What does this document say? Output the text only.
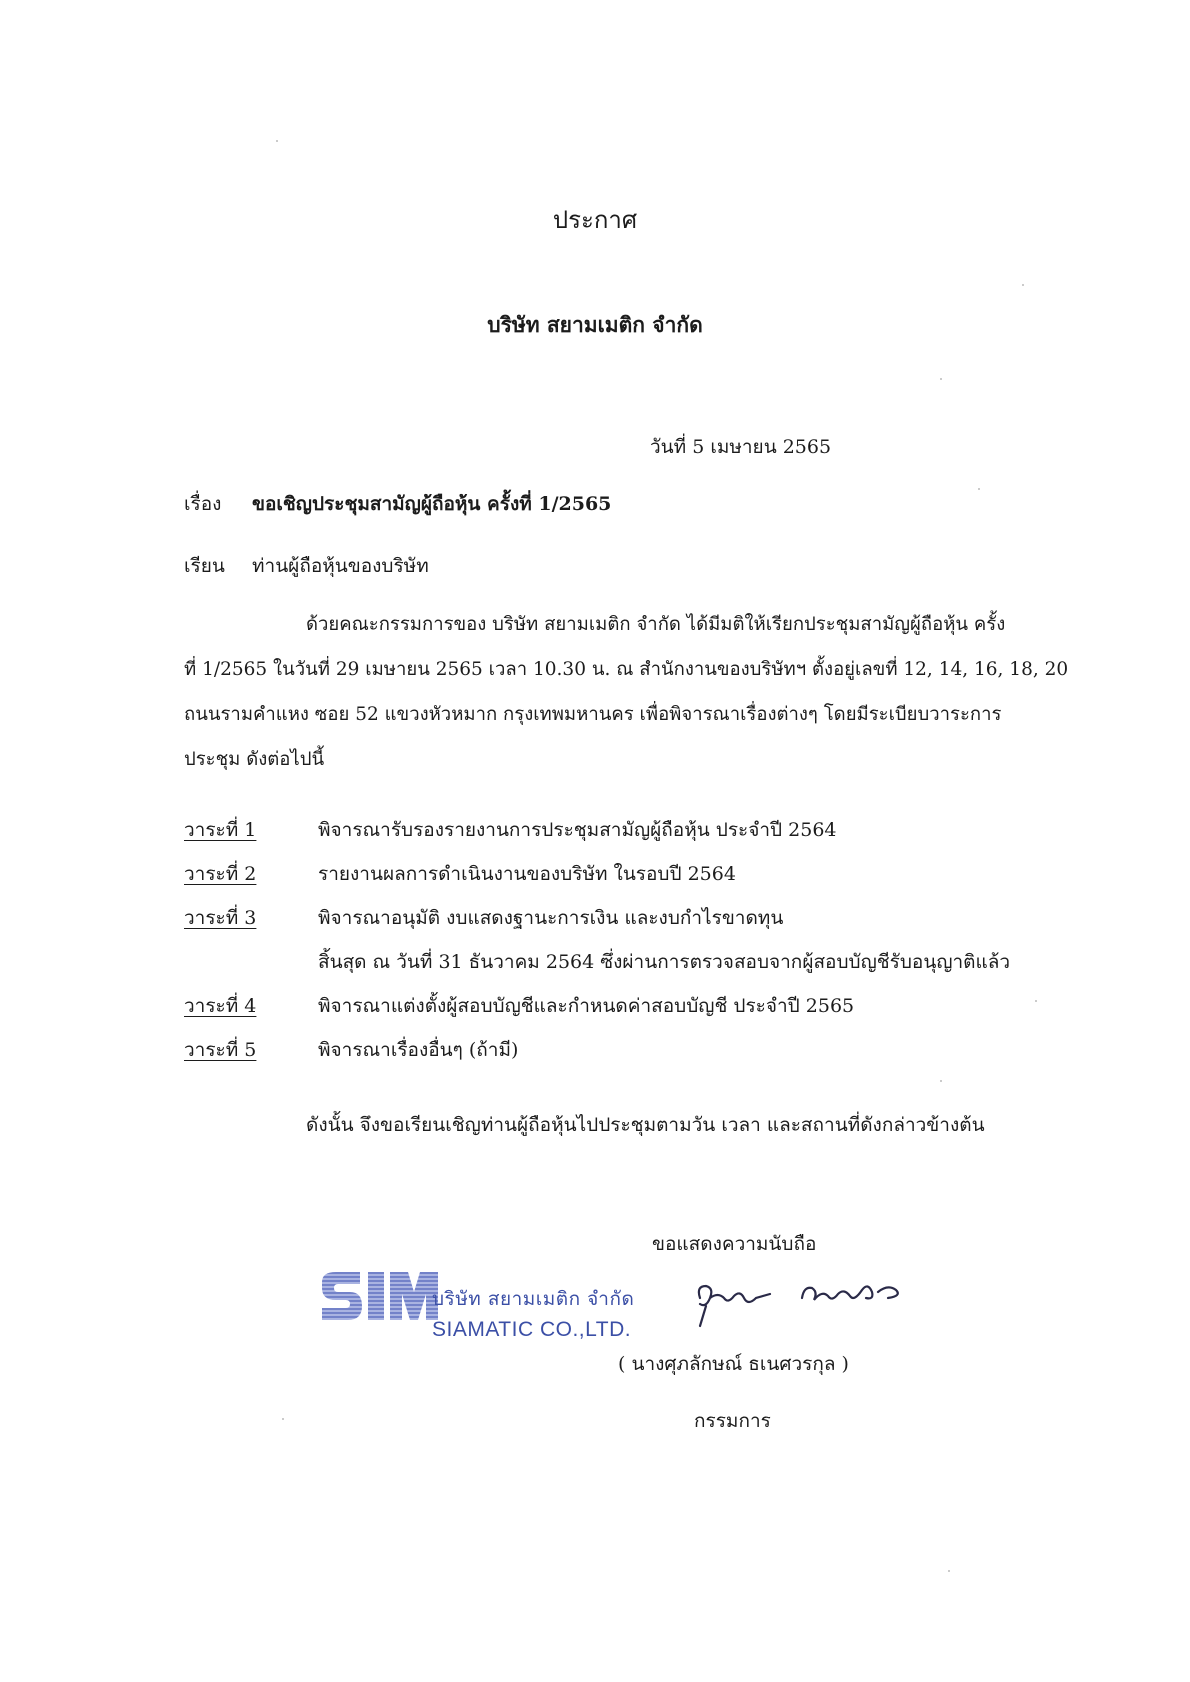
ประกาศ
บริษัท สยามเมติก จำกัด
วันที่ 5 เมษายน 2565
เรื่อง ขอเชิญประชุมสามัญผู้ถือหุ้น ครั้งที่ 1/2565
เรียน ท่านผู้ถือหุ้นของบริษัท
ด้วยคณะกรรมการของ บริษัท สยามเมติก จำกัด ได้มีมติให้เรียกประชุมสามัญผู้ถือหุ้น ครั้ง
ที่ 1/2565 ในวันที่ 29 เมษายน 2565 เวลา 10.30 น. ณ สำนักงานของบริษัทฯ ตั้งอยู่เลขที่ 12, 14, 16, 18, 20
ถนนรามคำแหง ซอย 52 แขวงหัวหมาก กรุงเทพมหานคร เพื่อพิจารณาเรื่องต่างๆ โดยมีระเบียบวาระการ
ประชุม ดังต่อไปนี้
วาระที่ 1	พิจารณารับรองรายงานการประชุมสามัญผู้ถือหุ้น ประจำปี 2564
วาระที่ 2	รายงานผลการดำเนินงานของบริษัท ในรอบปี 2564
วาระที่ 3	พิจารณาอนุมัติ งบแสดงฐานะการเงิน และงบกำไรขาดทุน
สิ้นสุด ณ วันที่ 31 ธันวาคม 2564 ซึ่งผ่านการตรวจสอบจากผู้สอบบัญชีรับอนุญาติแล้ว
วาระที่ 4	พิจารณาแต่งตั้งผู้สอบบัญชีและกำหนดค่าสอบบัญชี ประจำปี 2565
วาระที่ 5	พิจารณาเรื่องอื่นๆ (ถ้ามี)
ดังนั้น จึงขอเรียนเชิญท่านผู้ถือหุ้นไปประชุมตามวัน เวลา และสถานที่ดังกล่าวข้างต้น
ขอแสดงความนับถือ
บริษัท สยามเมติก จำกัด
SIAMATIC CO.,LTD.
( นางศุภลักษณ์ ธเนศวรกุล )
กรรมการ
